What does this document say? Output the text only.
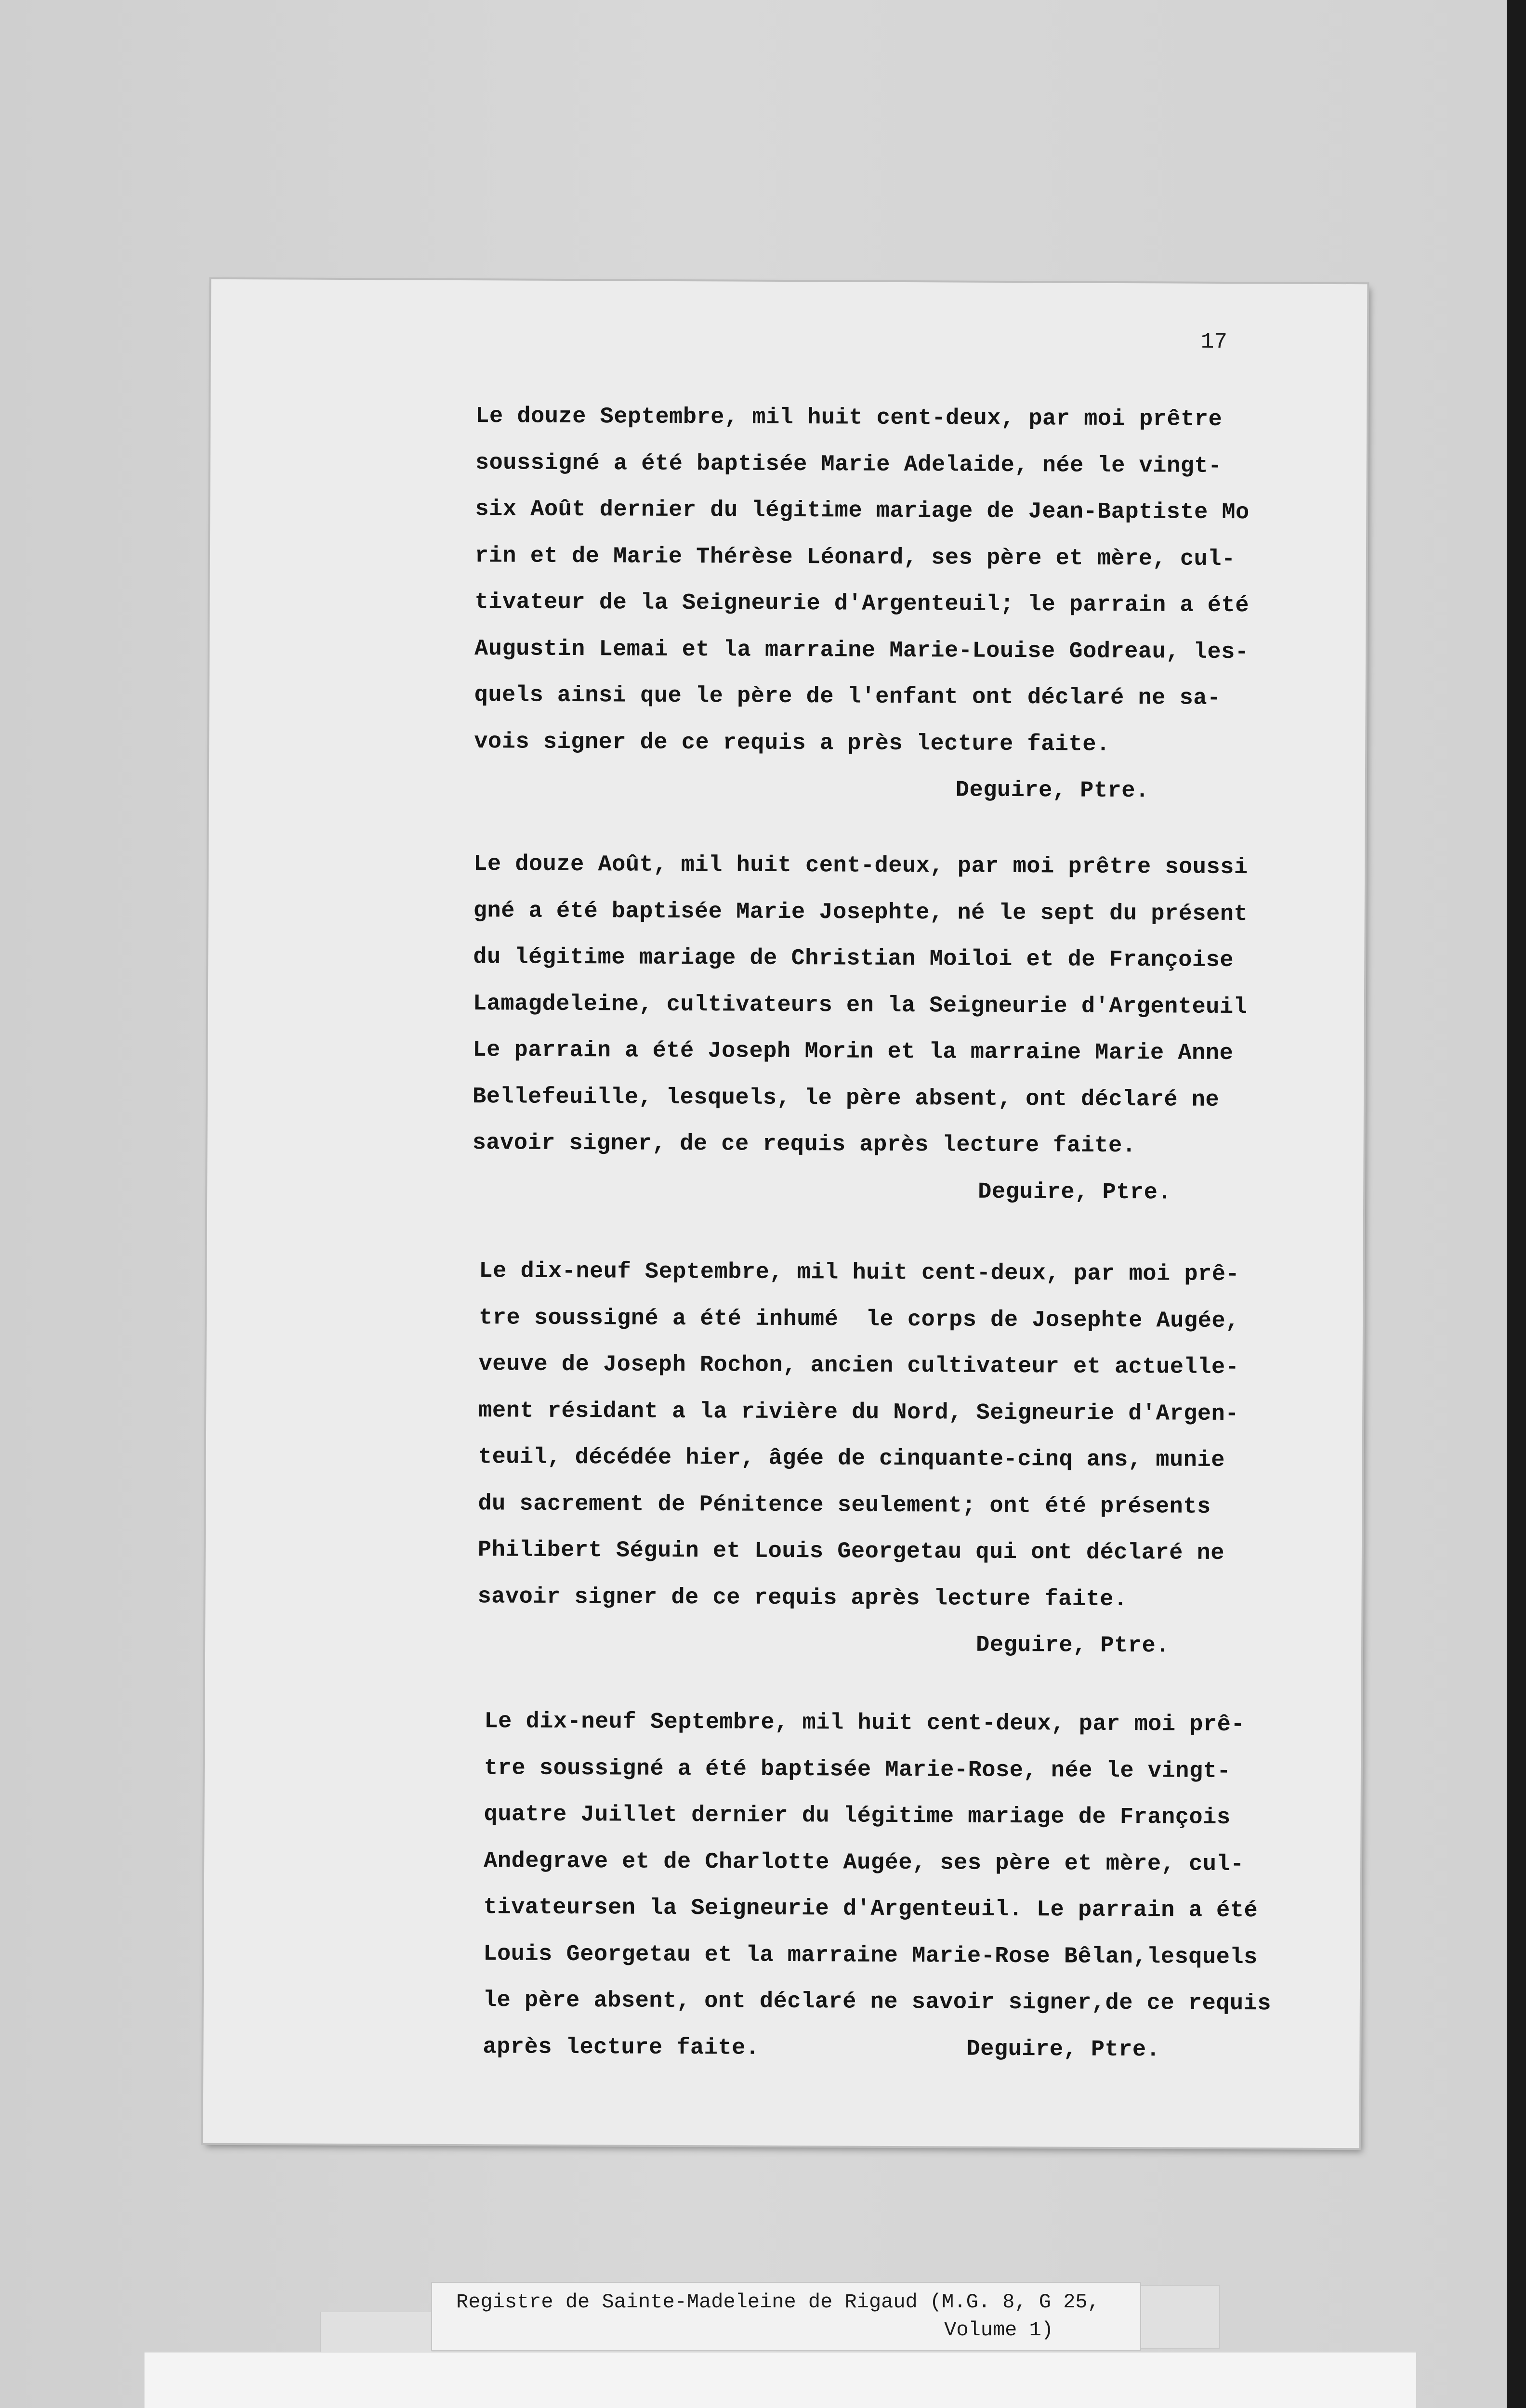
17
Le douze Septembre, mil huit cent-deux, par moi prêtre
soussigné a été baptisée Marie Adelaide, née le vingt-
six Août dernier du légitime mariage de Jean-Baptiste Mo
rin et de Marie Thérèse Léonard, ses père et mère, cul-
tivateur de la Seigneurie d'Argenteuil; le parrain a été
Augustin Lemai et la marraine Marie-Louise Godreau, les-
quels ainsi que le père de l'enfant ont déclaré ne sa-
vois signer de ce requis a près lecture faite.
Deguire, Ptre.
Le douze Août, mil huit cent-deux, par moi prêtre soussi
gné a été baptisée Marie Josephte, né le sept du présent
du légitime mariage de Christian Moiloi et de Françoise
Lamagdeleine, cultivateurs en la Seigneurie d'Argenteuil
Le parrain a été Joseph Morin et la marraine Marie Anne
Bellefeuille, lesquels, le père absent, ont déclaré ne
savoir signer, de ce requis après lecture faite.
Deguire, Ptre.
Le dix-neuf Septembre, mil huit cent-deux, par moi prê-
tre soussigné a été inhumé  le corps de Josephte Augée,
veuve de Joseph Rochon, ancien cultivateur et actuelle-
ment résidant a la rivière du Nord, Seigneurie d'Argen-
teuil, décédée hier, âgée de cinquante-cinq ans, munie
du sacrement de Pénitence seulement; ont été présents
Philibert Séguin et Louis Georgetau qui ont déclaré ne
savoir signer de ce requis après lecture faite.
Deguire, Ptre.
Le dix-neuf Septembre, mil huit cent-deux, par moi prê-
tre soussigné a été baptisée Marie-Rose, née le vingt-
quatre Juillet dernier du légitime mariage de François
Andegrave et de Charlotte Augée, ses père et mère, cul-
tivateursen la Seigneurie d'Argenteuil. Le parrain a été
Louis Georgetau et la marraine Marie-Rose Bêlan,lesquels
le père absent, ont déclaré ne savoir signer,de ce requis
après lecture faite.	Deguire, Ptre.
Registre de Sainte-Madeleine de Rigaud (M.G. 8, G 25,
Volume 1)
